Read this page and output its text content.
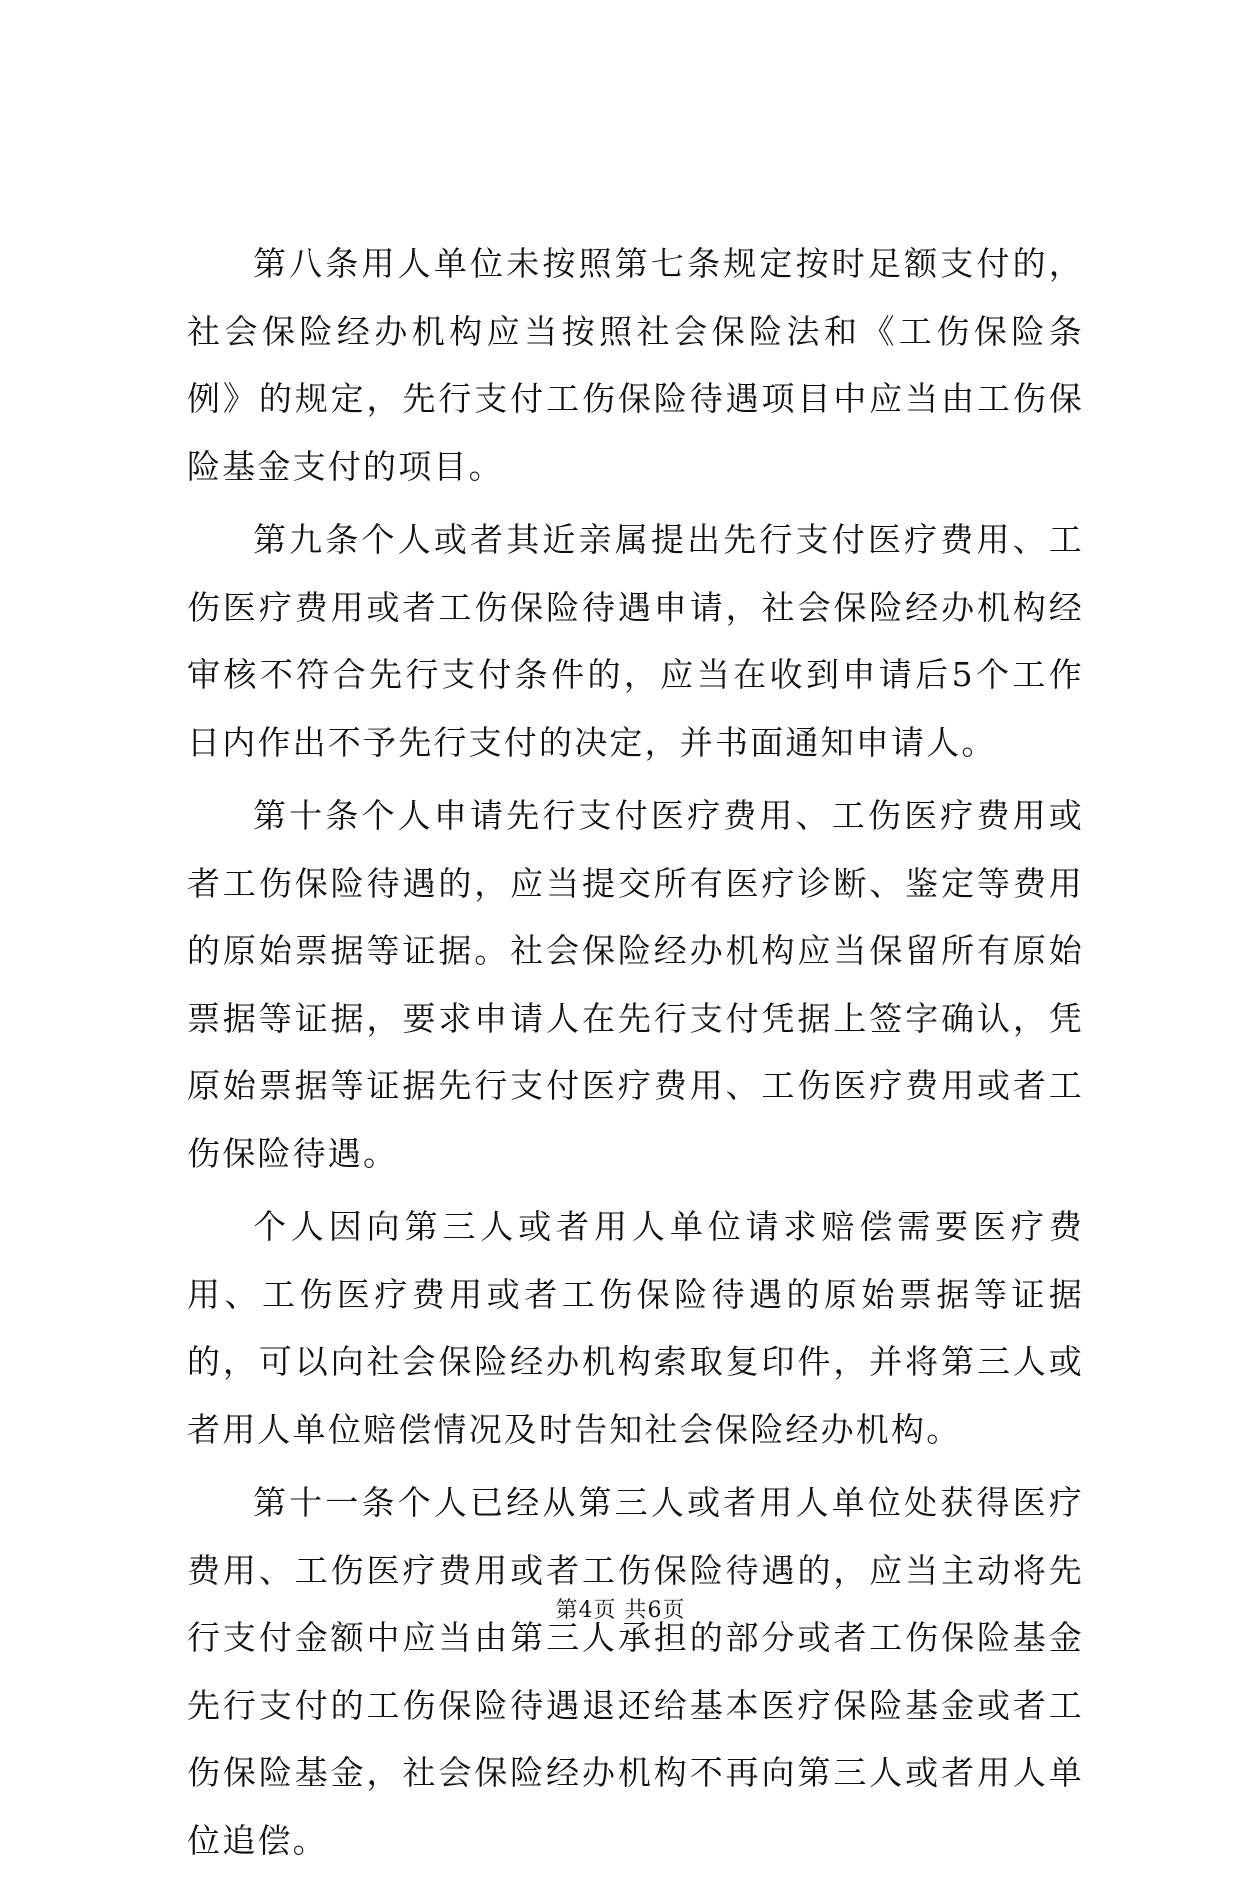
第八条用人单位未按照第七条规定按时足额支付的，社会保险经办机构应当按照社会保险法和《工伤保险条例》的规定，先行支付工伤保险待遇项目中应当由工伤保险基金支付的项目。

第九条个人或者其近亲属提出先行支付医疗费用、工伤医疗费用或者工伤保险待遇申请，社会保险经办机构经审核不符合先行支付条件的，应当在收到申请后5个工作日内作出不予先行支付的决定，并书面通知申请人。

第十条个人申请先行支付医疗费用、工伤医疗费用或者工伤保险待遇的，应当提交所有医疗诊断、鉴定等费用的原始票据等证据。社会保险经办机构应当保留所有原始票据等证据，要求申请人在先行支付凭据上签字确认，凭原始票据等证据先行支付医疗费用、工伤医疗费用或者工伤保险待遇。

个人因向第三人或者用人单位请求赔偿需要医疗费用、工伤医疗费用或者工伤保险待遇的原始票据等证据的，可以向社会保险经办机构索取复印件，并将第三人或者用人单位赔偿情况及时告知社会保险经办机构。

第十一条个人已经从第三人或者用人单位处获得医疗费用、工伤医疗费用或者工伤保险待遇的，应当主动将先行支付金额中应当由第三人承担的部分或者工伤保险基金先行支付的工伤保险待遇退还给基本医疗保险基金或者工伤保险基金，社会保险经办机构不再向第三人或者用人单位追偿。

第4页 共6页
